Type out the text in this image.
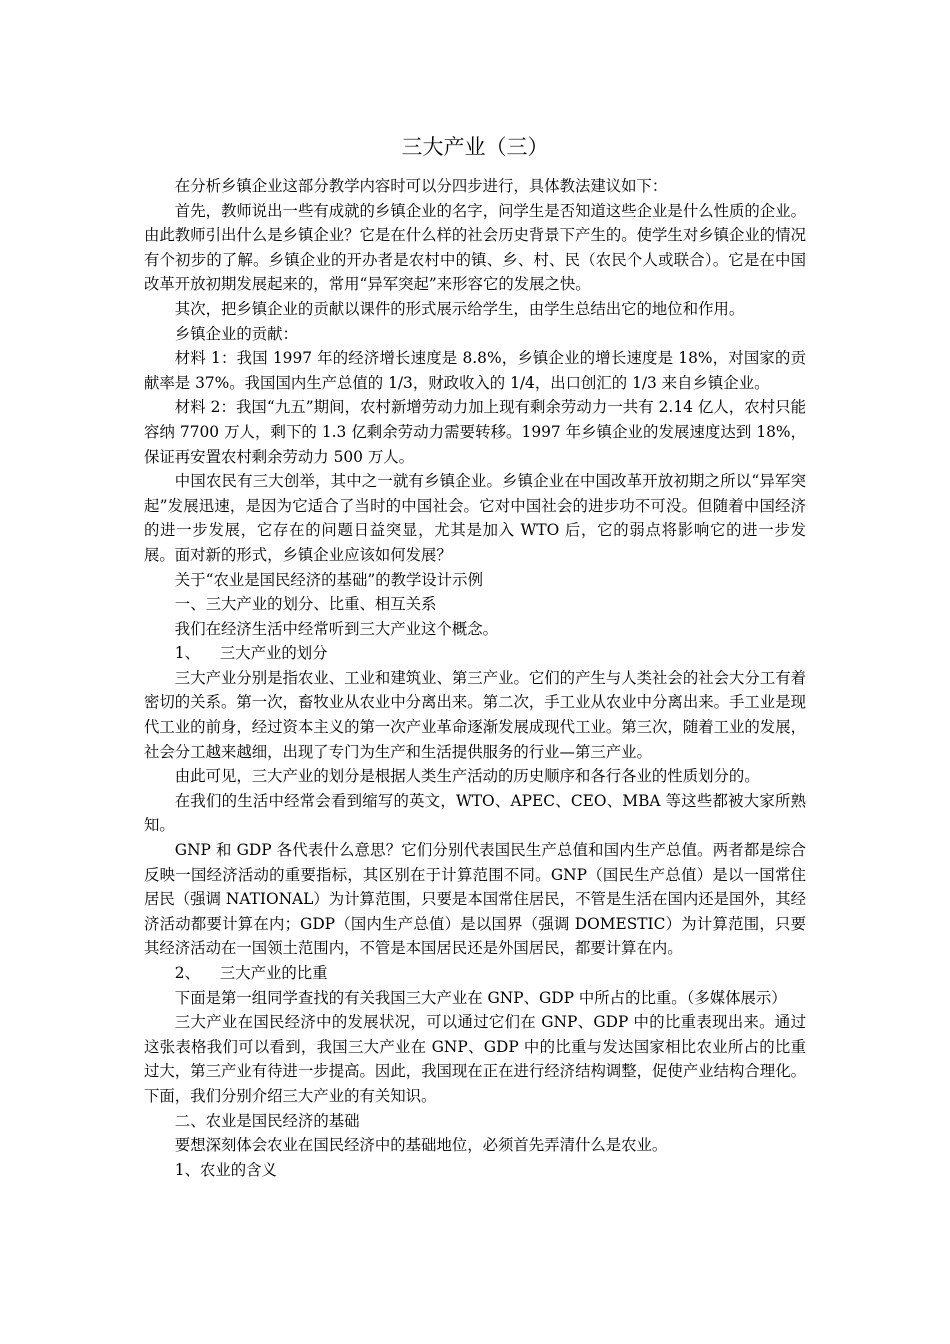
三大产业（三）

在分析乡镇企业这部分教学内容时可以分四步进行，具体教法建议如下：

首先，教师说出一些有成就的乡镇企业的名字，问学生是否知道这些企业是什么性质的企业。由此教师引出什么是乡镇企业？它是在什么样的社会历史背景下产生的。使学生对乡镇企业的情况有个初步的了解。乡镇企业的开办者是农村中的镇、乡、村、民（农民个人或联合）。它是在中国改革开放初期发展起来的，常用“异军突起”来形容它的发展之快。

其次，把乡镇企业的贡献以课件的形式展示给学生，由学生总结出它的地位和作用。

乡镇企业的贡献：

材料 1：我国 1997 年的经济增长速度是 8.8%，乡镇企业的增长速度是 18%，对国家的贡献率是 37%。我国国内生产总值的 1/3，财政收入的 1/4，出口创汇的 1/3 来自乡镇企业。

材料 2：我国“九五”期间，农村新增劳动力加上现有剩余劳动力一共有 2.14 亿人，农村只能容纳 7700 万人，剩下的 1.3 亿剩余劳动力需要转移。1997 年乡镇企业的发展速度达到 18%，保证再安置农村剩余劳动力 500 万人。

中国农民有三大创举，其中之一就有乡镇企业。乡镇企业在中国改革开放初期之所以“异军突起”发展迅速，是因为它适合了当时的中国社会。它对中国社会的进步功不可没。但随着中国经济的进一步发展，它存在的问题日益突显，尤其是加入 WTO 后，它的弱点将影响它的进一步发展。面对新的形式，乡镇企业应该如何发展？

关于“农业是国民经济的基础”的教学设计示例

一、三大产业的划分、比重、相互关系

我们在经济生活中经常听到三大产业这个概念。

1、 三大产业的划分

三大产业分别是指农业、工业和建筑业、第三产业。它们的产生与人类社会的社会大分工有着密切的关系。第一次，畜牧业从农业中分离出来。第二次，手工业从农业中分离出来。手工业是现代工业的前身，经过资本主义的第一次产业革命逐渐发展成现代工业。第三次，随着工业的发展，社会分工越来越细，出现了专门为生产和生活提供服务的行业—第三产业。

由此可见，三大产业的划分是根据人类生产活动的历史顺序和各行各业的性质划分的。

在我们的生活中经常会看到缩写的英文，WTO、APEC、CEO、MBA 等这些都被大家所熟知。

GNP 和 GDP 各代表什么意思？它们分别代表国民生产总值和国内生产总值。两者都是综合反映一国经济活动的重要指标，其区别在于计算范围不同。GNP（国民生产总值）是以一国常住居民（强调 NATIONAL）为计算范围，只要是本国常住居民，不管是生活在国内还是国外，其经济活动都要计算在内；GDP（国内生产总值）是以国界（强调 DOMESTIC）为计算范围，只要其经济活动在一国领土范围内，不管是本国居民还是外国居民，都要计算在内。

2、 三大产业的比重

下面是第一组同学查找的有关我国三大产业在 GNP、GDP 中所占的比重。（多媒体展示）

三大产业在国民经济中的发展状况，可以通过它们在 GNP、GDP 中的比重表现出来。通过这张表格我们可以看到，我国三大产业在 GNP、GDP 中的比重与发达国家相比农业所占的比重过大，第三产业有待进一步提高。因此，我国现在正在进行经济结构调整，促使产业结构合理化。下面，我们分别介绍三大产业的有关知识。

二、农业是国民经济的基础

要想深刻体会农业在国民经济中的基础地位，必须首先弄清什么是农业。

1、农业的含义
